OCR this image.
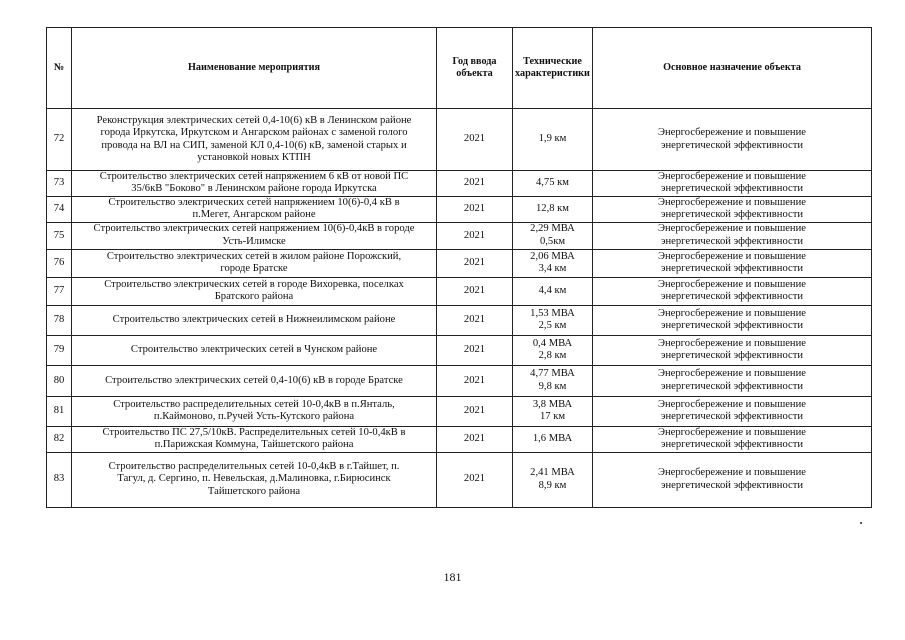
№	Наименование мероприятия	Год ввода
объекта	Технические
характеристики	Основное назначение объекта
72	Реконструкция электрических сетей 0,4-10(6) кВ в Ленинском районе
города Иркутска, Иркутском и Ангарском районах с заменой голого
провода на ВЛ на СИП, заменой КЛ 0,4-10(6) кВ, заменой старых и
установкой новых КТПН	2021	1,9 км	Энергосбережение и повышение
энергетической эффективности

73	Строительство электрических сетей напряжением 6 кВ от новой ПС
35/6кВ "Боково" в Ленинском районе города Иркутска	2021	4,75 км	Энергосбережение и повышение
энергетической эффективности

74	Строительство электрических сетей напряжением 10(6)-0,4 кВ в
п.Мегет, Ангарском районе	2021	12,8 км	Энергосбережение и повышение
энергетической эффективности

75	Строительство электрических сетей напряжением 10(6)-0,4кВ в городе
Усть-Илимске	2021	2,29 МВА
0,5км	Энергосбережение и повышение
энергетической эффективности

76	Строительство электрических сетей в жилом районе Порожский,
городе Братске	2021	2,06 МВА
3,4 км	Энергосбережение и повышение
энергетической эффективности

77	Строительство электрических сетей в городе Вихоревка, поселках
Братского района	2021	4,4 км	Энергосбережение и повышение
энергетической эффективности

78	Строительство электрических сетей в Нижнеилимском районе	2021	1,53 МВА
2,5 км	Энергосбережение и повышение
энергетической эффективности

79	Строительство электрических сетей в Чунском районе	2021	0,4 МВА
2,8 км	Энергосбережение и повышение
энергетической эффективности

80	Строительство электрических сетей 0,4-10(6) кВ в городе Братске	2021	4,77 МВА
9,8 км	Энергосбережение и повышение
энергетической эффективности

81	Строительство распределительных сетей 10-0,4кВ в п.Янталь,
п.Каймоново, п.Ручей Усть-Кутского района	2021	3,8 МВА
17 км	Энергосбережение и повышение
энергетической эффективности

82	Строительство ПС 27,5/10кВ. Распределительных сетей 10-0,4кВ в
п.Парижская Коммуна, Тайшетского района	2021	1,6 МВА	Энергосбережение и повышение
энергетической эффективности

83	Строительство распределительных сетей 10-0,4кВ в г.Тайшет, п.
Тагул, д. Сергино, п. Невельская, д.Малиновка, г.Бирюсинск
Тайшетского района	2021	2,41 МВА
8,9 км	Энергосбережение и повышение
энергетической эффективности
181
